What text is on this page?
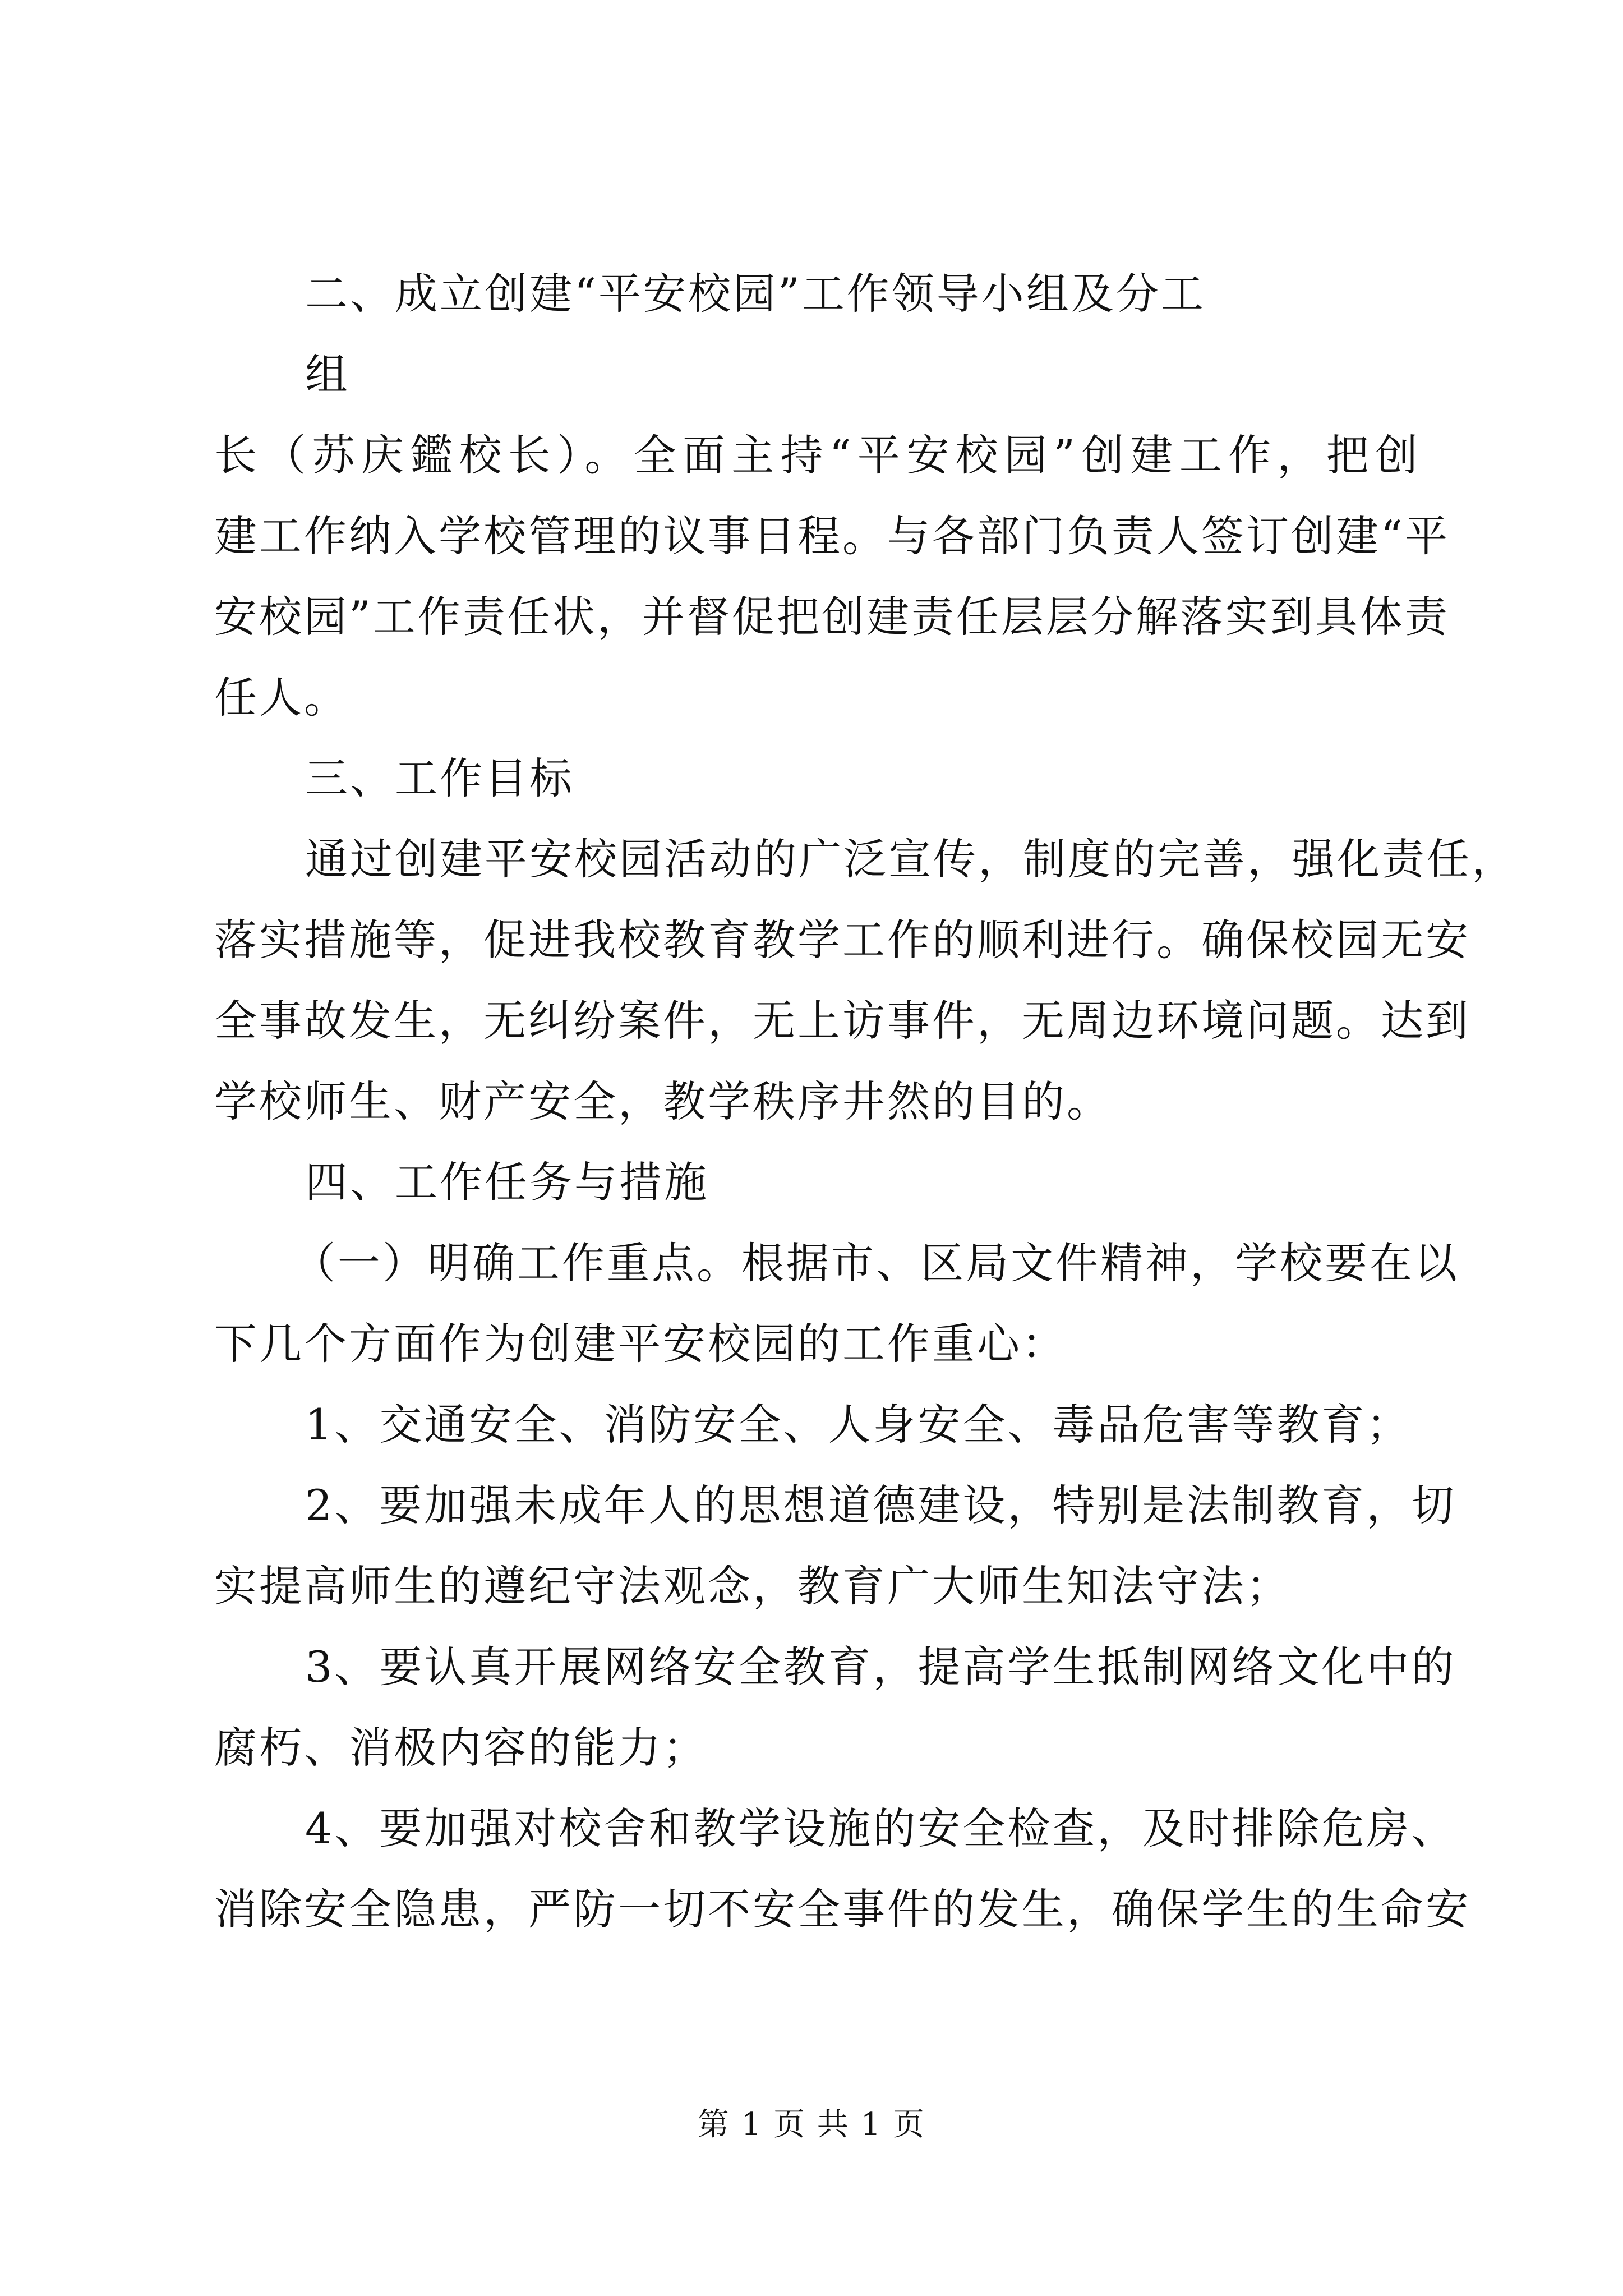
二、成立创建“平安校园”工作领导小组及分工
组
长（苏庆鑑校长）。全面主持“平安校园”创建工作，把创
建工作纳入学校管理的议事日程。与各部门负责人签订创建“平
安校园”工作责任状，并督促把创建责任层层分解落实到具体责
任人。
三、工作目标
通过创建平安校园活动的广泛宣传，制度的完善，强化责任，
落实措施等，促进我校教育教学工作的顺利进行。确保校园无安
全事故发生，无纠纷案件，无上访事件，无周边环境问题。达到
学校师生、财产安全，教学秩序井然的目的。
四、工作任务与措施
（一）明确工作重点。根据市、区局文件精神，学校要在以
下几个方面作为创建平安校园的工作重心：
1、交通安全、消防安全、人身安全、毒品危害等教育；
2、要加强未成年人的思想道德建设，特别是法制教育，切
实提高师生的遵纪守法观念，教育广大师生知法守法；
3、要认真开展网络安全教育，提高学生抵制网络文化中的
腐朽、消极内容的能力；
4、要加强对校舍和教学设施的安全检查，及时排除危房、
消除安全隐患，严防一切不安全事件的发生，确保学生的生命安
第 1 页 共 1 页
